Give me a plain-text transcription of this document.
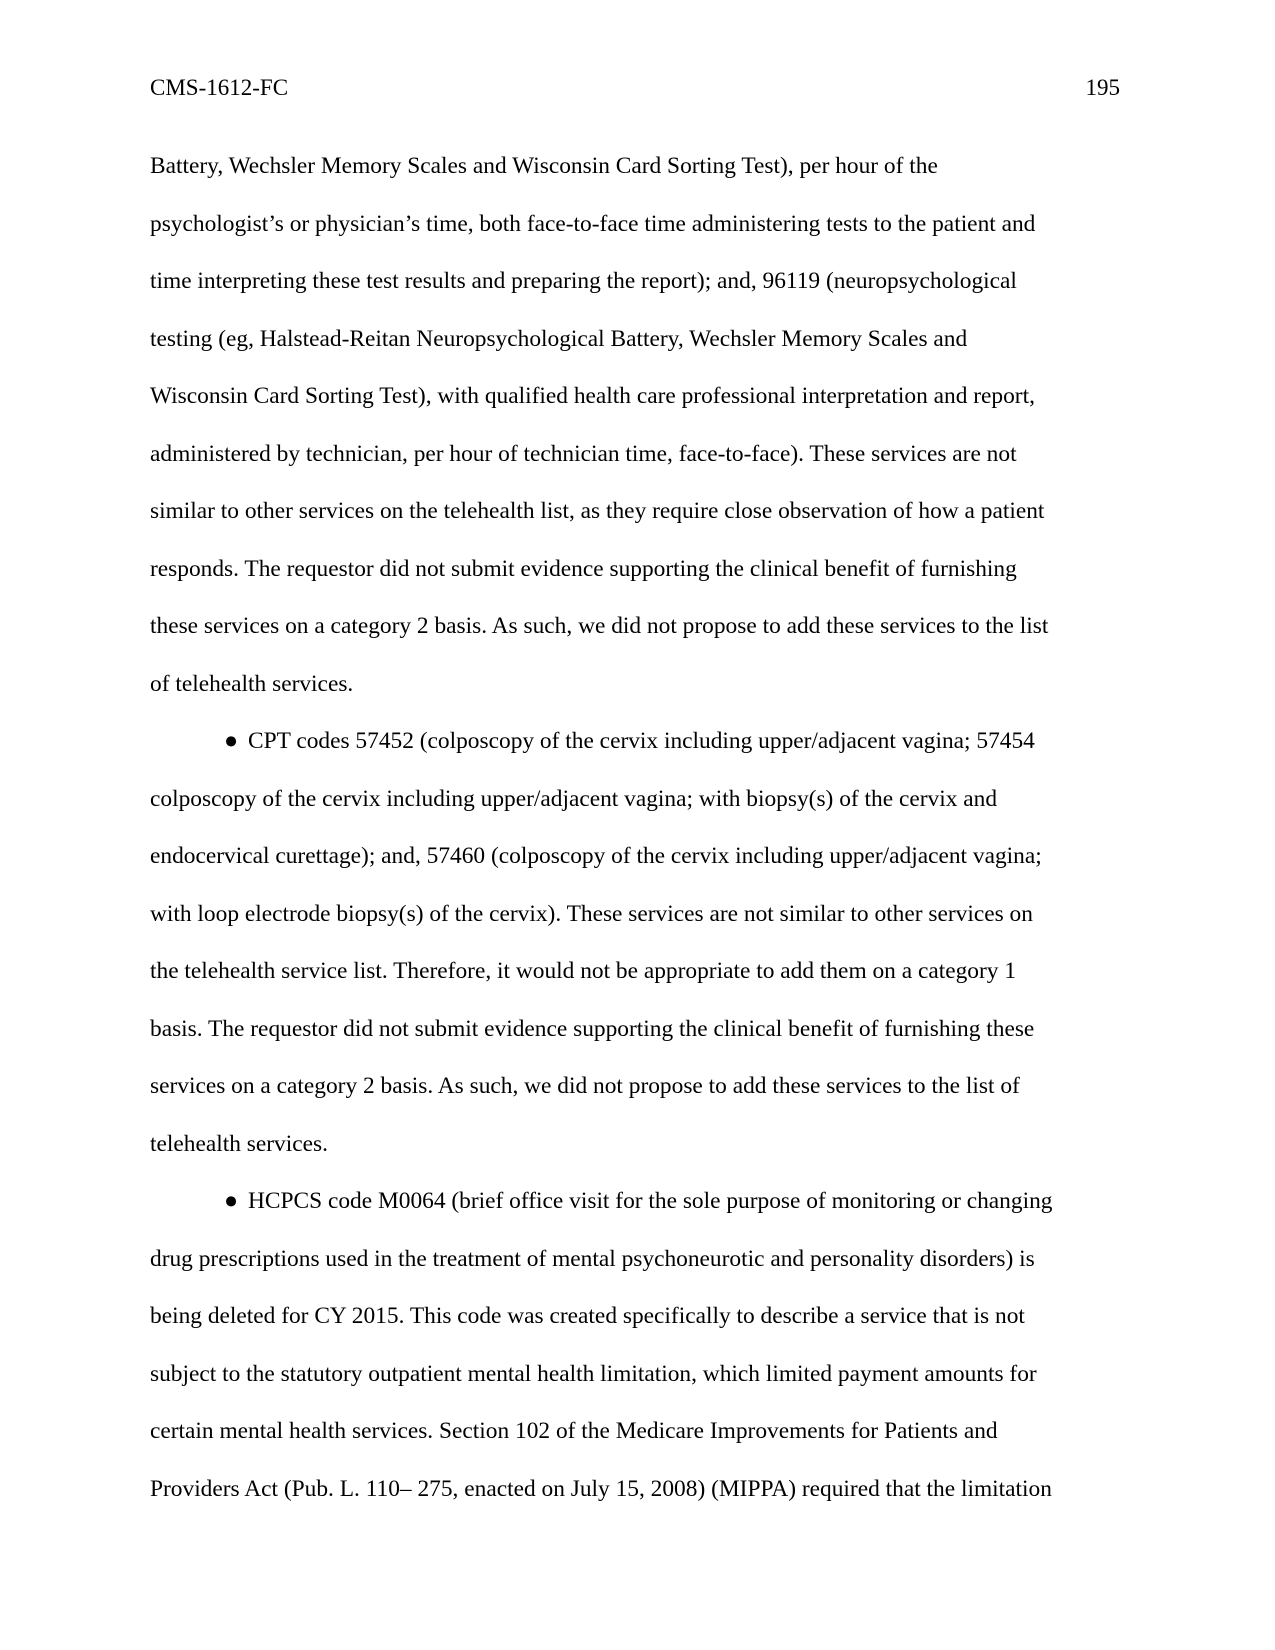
CMS-1612-FC	195
Battery, Wechsler Memory Scales and Wisconsin Card Sorting Test), per hour of the
psychologist’s or physician’s time, both face-to-face time administering tests to the patient and
time interpreting these test results and preparing the report); and, 96119 (neuropsychological
testing (eg, Halstead-Reitan Neuropsychological Battery, Wechsler Memory Scales and
Wisconsin Card Sorting Test), with qualified health care professional interpretation and report,
administered by technician, per hour of technician time, face-to-face). These services are not
similar to other services on the telehealth list, as they require close observation of how a patient
responds. The requestor did not submit evidence supporting the clinical benefit of furnishing
these services on a category 2 basis. As such, we did not propose to add these services to the list
of telehealth services.
● CPT codes 57452 (colposcopy of the cervix including upper/adjacent vagina; 57454
colposcopy of the cervix including upper/adjacent vagina; with biopsy(s) of the cervix and
endocervical curettage); and, 57460 (colposcopy of the cervix including upper/adjacent vagina;
with loop electrode biopsy(s) of the cervix). These services are not similar to other services on
the telehealth service list. Therefore, it would not be appropriate to add them on a category 1
basis. The requestor did not submit evidence supporting the clinical benefit of furnishing these
services on a category 2 basis. As such, we did not propose to add these services to the list of
telehealth services.
● HCPCS code M0064 (brief office visit for the sole purpose of monitoring or changing
drug prescriptions used in the treatment of mental psychoneurotic and personality disorders) is
being deleted for CY 2015. This code was created specifically to describe a service that is not
subject to the statutory outpatient mental health limitation, which limited payment amounts for
certain mental health services. Section 102 of the Medicare Improvements for Patients and
Providers Act (Pub. L. 110– 275, enacted on July 15, 2008) (MIPPA) required that the limitation
